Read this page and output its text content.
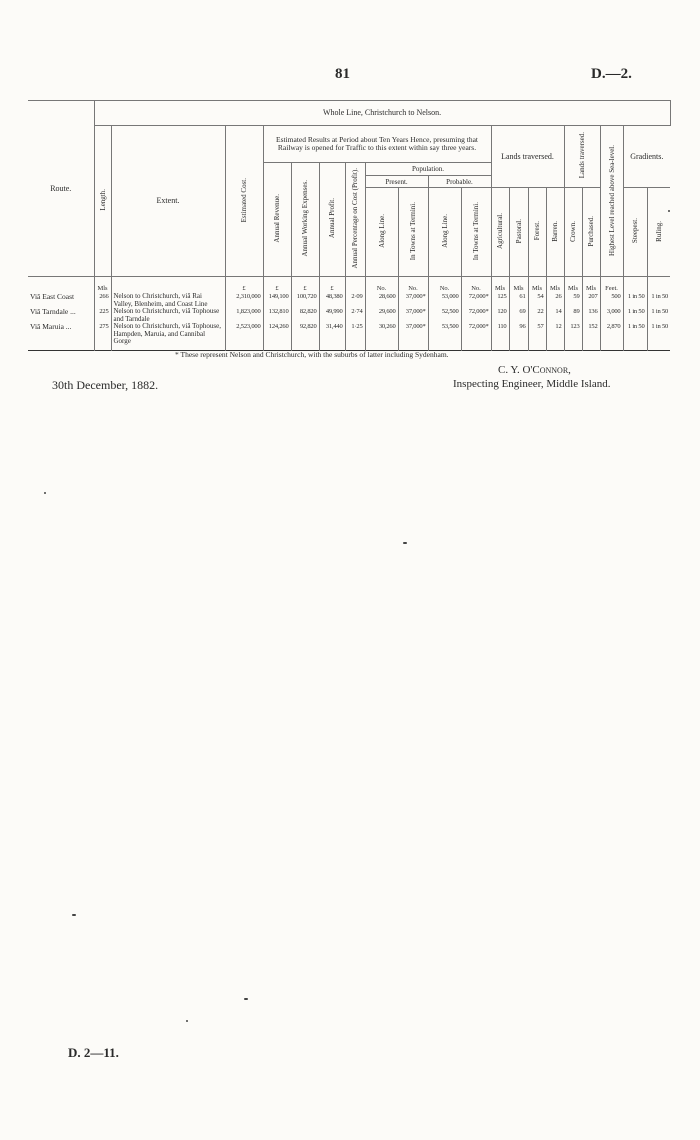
81	D.—2.
Route.	Whole Line, Christchurch to Nelson.																			
	Length.	Extent.	Estimated Cost.	Estimated Results at Period about Ten Years Hence, presuming that Railway is opened for Traffic to this extent within say three years.								Lands traversed.				Lands traversed.		Highest Level reached above Sea-level.	Gradients.	
				Annual Revenue.	Annual Working Expenses.	Annual Profit.	Annual Percentage on Cost (Profit).	Population.												
								Present.		Probable.										
								Along Line.	In Towns at Termini.	Along Line.	In Towns at Termini.	Agricultural.	Pastoral.	Forest.	Barren.	Crown.	Purchased.		Steepest.	Ruling.
	Mls		£	£	£	£		No.	No.	No.	No.	Mls	Mls	Mls	Mls	Mls	Mls	Feet.		
Viâ East Coast	266	Nelson to Christchurch, viâ Rai Valley, Blenheim, and Coast Line	2,310,000	149,100	100,720	48,380	2·09	28,600	37,000*	53,000	72,000*	125	61	54	26	59	207	500	1 in 50	1 in 50
Viâ Tarndale ...	225	Nelson to Christchurch, viâ Tophouse and Tarndale	1,823,000	132,810	82,820	49,990	2·74	29,600	37,000*	52,500	72,000*	120	69	22	14	89	136	3,000	1 in 50	1 in 50
Viâ Maruia ...	275	Nelson to Christchurch, viâ Tophouse, Hampden, Maruia, and Cannibal Gorge	2,523,000	124,260	92,820	31,440	1·25	30,260	37,000*	53,500	72,000*	110	96	57	12	123	152	2,870	1 in 50	1 in 50

* These represent Nelson and Christchurch, with the suburbs of latter including Sydenham.
C. Y. O'Connor,
Inspecting Engineer, Middle Island.
30th December, 1882.
D. 2—11.
